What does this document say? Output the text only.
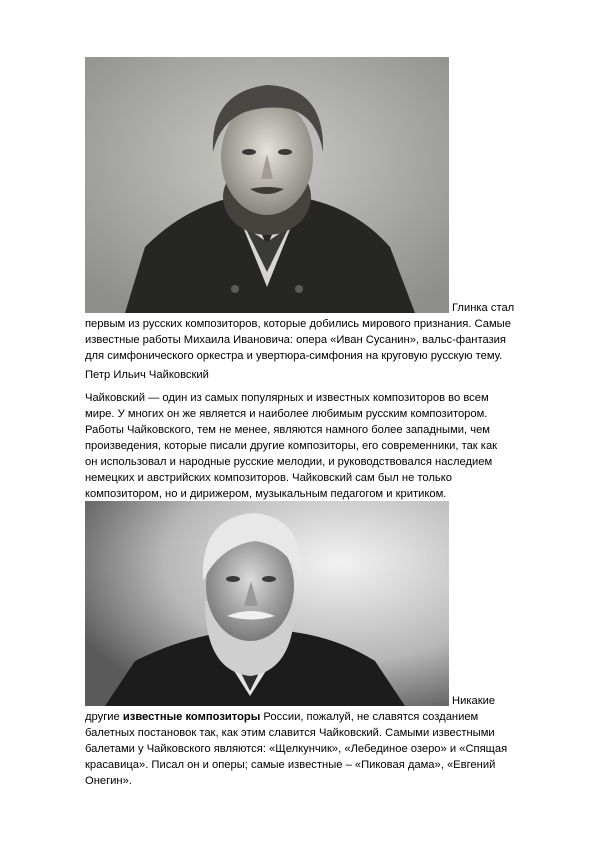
Глинка стал
первым из русских композиторов, которые добились мирового признания. Самые
известные работы Михаила Ивановича: опера «Иван Сусанин», вальс-фантазия
для симфонического оркестра и увертюра-симфония на круговую русскую тему.
Петр Ильич Чайковский
Чайковский — один из самых популярных и известных композиторов во всем
мире. У многих он же является и наиболее любимым русским композитором.
Работы Чайковского, тем не менее, являются намного более западными, чем
произведения, которые писали другие композиторы, его современники, так как
он использовал и народные русские мелодии, и руководствовался наследием
немецких и австрийских композиторов. Чайковский сам был не только
композитором, но и дирижером, музыкальным педагогом и критиком.
Никакие
другие известные композиторы России, пожалуй, не славятся созданием
балетных постановок так, как этим славится Чайковский. Самыми известными
балетами у Чайковского являются: «Щелкунчик», «Лебединое озеро» и «Спящая
красавица». Писал он и оперы; самые известные – «Пиковая дама», «Евгений
Онегин».
